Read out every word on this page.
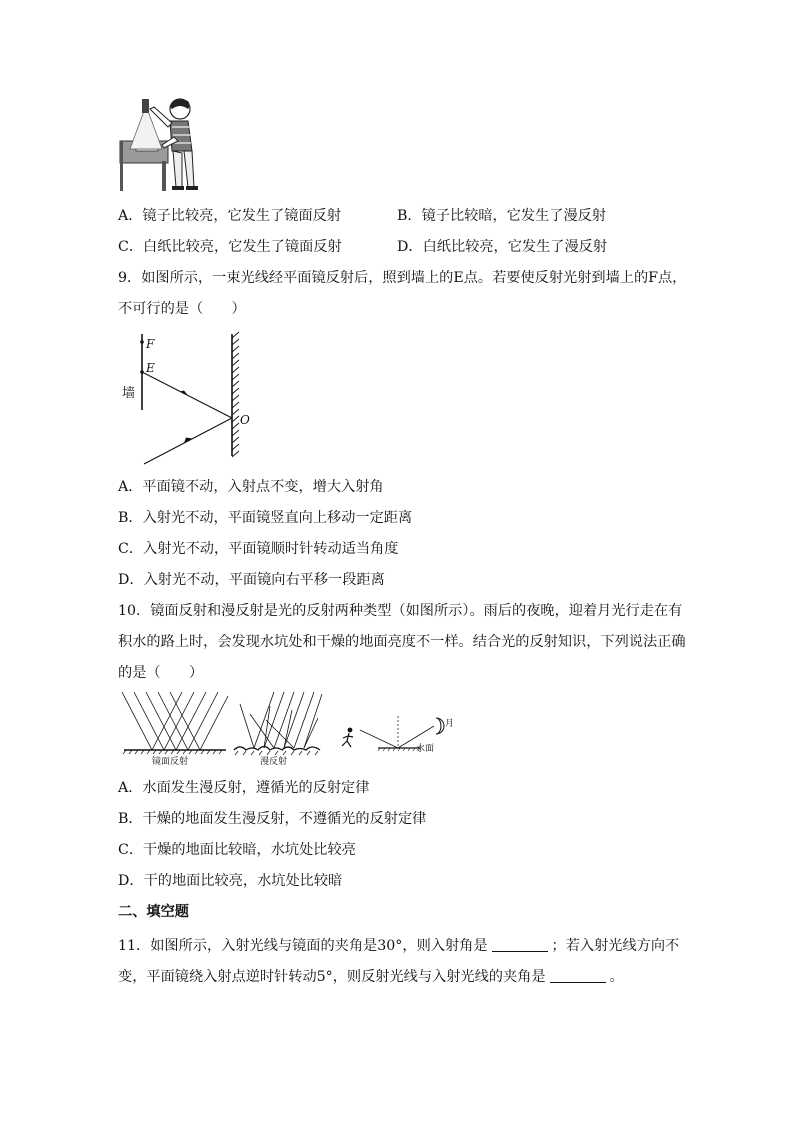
A．镜子比较亮，它发生了镜面反射	B．镜子比较暗，它发生了漫反射
C．白纸比较亮，它发生了镜面反射	D．白纸比较亮，它发生了漫反射
9．如图所示，一束光线经平面镜反射后，照到墙上的E点。若要使反射光射到墙上的F点，
不可行的是（　　）
F
E
墙
O
A．平面镜不动，入射点不变，增大入射角
B．入射光不动，平面镜竖直向上移动一定距离
C．入射光不动，平面镜顺时针转动适当角度
D．入射光不动，平面镜向右平移一段距离
10．镜面反射和漫反射是光的反射两种类型（如图所示）。雨后的夜晚，迎着月光行走在有
积水的路上时，会发现水坑处和干燥的地面亮度不一样。结合光的反射知识，下列说法正确
的是（　　）
镜面反射	漫反射
月
水面
A．水面发生漫反射，遵循光的反射定律
B．干燥的地面发生漫反射，不遵循光的反射定律
C．干燥的地面比较暗，水坑处比较亮
D．干的地面比较亮，水坑处比较暗
二、填空题
11．如图所示，入射光线与镜面的夹角是30°，则入射角是	；若入射光线方向不
变，平面镜绕入射点逆时针转动5°，则反射光线与入射光线的夹角是	。
